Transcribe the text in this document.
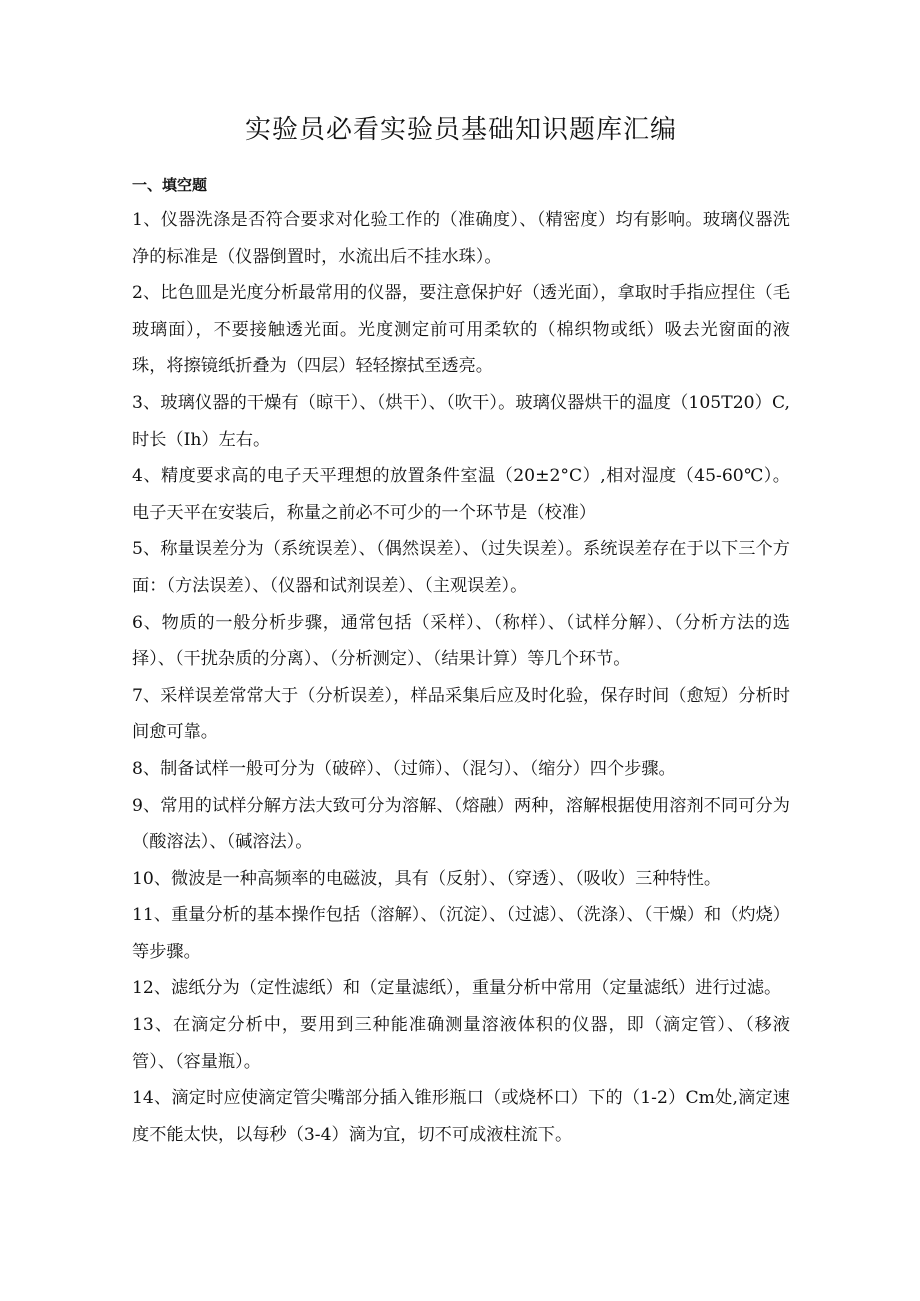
实验员必看实验员基础知识题库汇编
一、填空题
1、仪器洗涤是否符合要求对化验工作的（准确度）、（精密度）均有影响。玻璃仪器洗净的标准是（仪器倒置时，水流出后不挂水珠）。
2、比色皿是光度分析最常用的仪器，要注意保护好（透光面），拿取时手指应捏住（毛玻璃面），不要接触透光面。光度测定前可用柔软的（棉织物或纸）吸去光窗面的液珠，将擦镜纸折叠为（四层）轻轻擦拭至透亮。
3、玻璃仪器的干燥有（晾干）、（烘干）、（吹干）。玻璃仪器烘干的温度（105T20）C,时长（Ih）左右。
4、精度要求高的电子天平理想的放置条件室温（20±2°C）,相对湿度（45-60℃）。电子天平在安装后，称量之前必不可少的一个环节是（校准）
5、称量误差分为（系统误差）、（偶然误差）、（过失误差）。系统误差存在于以下三个方面：（方法误差）、（仪器和试剂误差）、（主观误差）。
6、物质的一般分析步骤，通常包括（采样）、（称样）、（试样分解）、（分析方法的选择）、（干扰杂质的分离）、（分析测定）、（结果计算）等几个环节。
7、采样误差常常大于（分析误差），样品采集后应及时化验，保存时间（愈短）分析时间愈可靠。
8、制备试样一般可分为（破碎）、（过筛）、（混匀）、（缩分）四个步骤。
9、常用的试样分解方法大致可分为溶解、（熔融）两种，溶解根据使用溶剂不同可分为（酸溶法）、（碱溶法）。
10、微波是一种高频率的电磁波，具有（反射）、（穿透）、（吸收）三种特性。
11、重量分析的基本操作包括（溶解）、（沉淀）、（过滤）、（洗涤）、（干燥）和（灼烧）等步骤。
12、滤纸分为（定性滤纸）和（定量滤纸），重量分析中常用（定量滤纸）进行过滤。
13、在滴定分析中，要用到三种能准确测量溶液体积的仪器，即（滴定管）、（移液管）、（容量瓶）。
14、滴定时应使滴定管尖嘴部分插入锥形瓶口（或烧杯口）下的（1-2）Cm处,滴定速度不能太快，以每秒（3-4）滴为宜，切不可成液柱流下。
